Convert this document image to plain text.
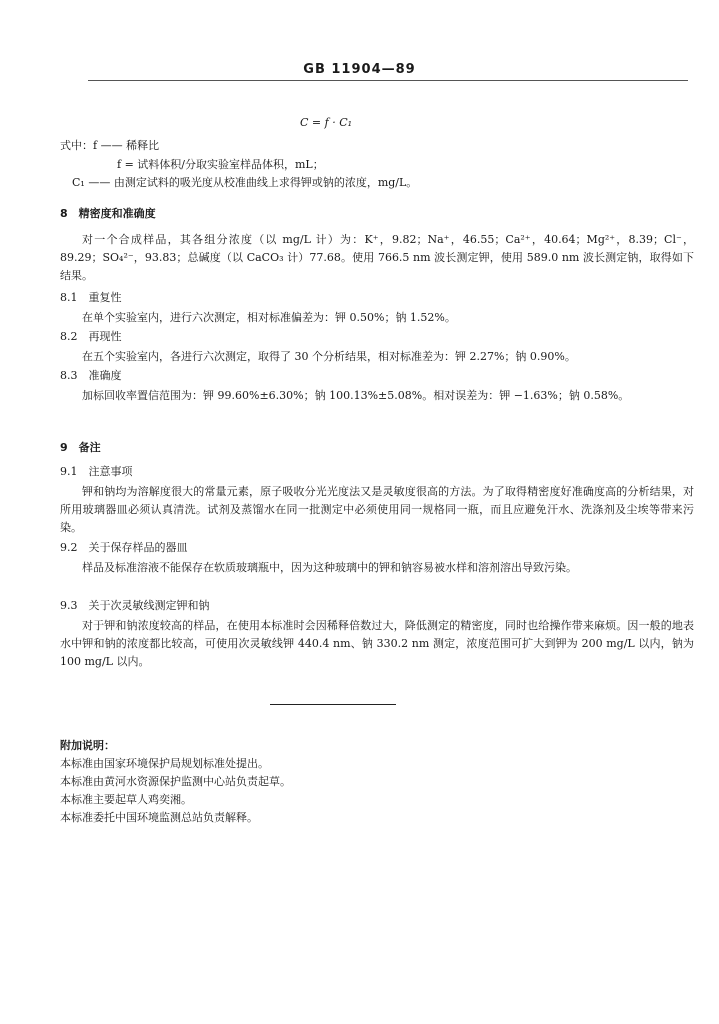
GB 11904—89
C = f · C₁
式中：f —— 稀释比
f = 试料体积/分取实验室样品体积，mL；
C₁ —— 由测定试料的吸光度从校准曲线上求得钾或钠的浓度，mg/L。
8　精密度和准确度
对一个合成样品，其各组分浓度（以 mg/L 计）为：K⁺，9.82；Na⁺，46.55；Ca²⁺，40.64；Mg²⁺，8.39；Cl⁻，89.29；SO₄²⁻，93.83；总碱度（以 CaCO₃ 计）77.68。使用 766.5 nm 波长测定钾，使用 589.0 nm 波长测定钠，取得如下结果。
8.1　重复性
在单个实验室内，进行六次测定，相对标准偏差为：钾 0.50%；钠 1.52%。
8.2　再现性
在五个实验室内，各进行六次测定，取得了 30 个分析结果，相对标准差为：钾 2.27%；钠 0.90%。
8.3　准确度
加标回收率置信范围为：钾 99.60%±6.30%；钠 100.13%±5.08%。相对误差为：钾 −1.63%；钠 0.58%。
9　备注
9.1　注意事项
钾和钠均为溶解度很大的常量元素，原子吸收分光光度法又是灵敏度很高的方法。为了取得精密度好准确度高的分析结果，对所用玻璃器皿必须认真清洗。试剂及蒸馏水在同一批测定中必须使用同一规格同一瓶，而且应避免汗水、洗涤剂及尘埃等带来污染。
9.2　关于保存样品的器皿
样品及标准溶液不能保存在软质玻璃瓶中，因为这种玻璃中的钾和钠容易被水样和溶剂溶出导致污染。
9.3　关于次灵敏线测定钾和钠
对于钾和钠浓度较高的样品，在使用本标准时会因稀释倍数过大，降低测定的精密度，同时也给操作带来麻烦。因一般的地表水中钾和钠的浓度都比较高，可使用次灵敏线钾 440.4 nm、钠 330.2 nm 测定，浓度范围可扩大到钾为 200 mg/L 以内，钠为 100 mg/L 以内。
附加说明：
本标准由国家环境保护局规划标准处提出。
本标准由黄河水资源保护监测中心站负责起草。
本标准主要起草人鸡奕湘。
本标准委托中国环境监测总站负责解释。
